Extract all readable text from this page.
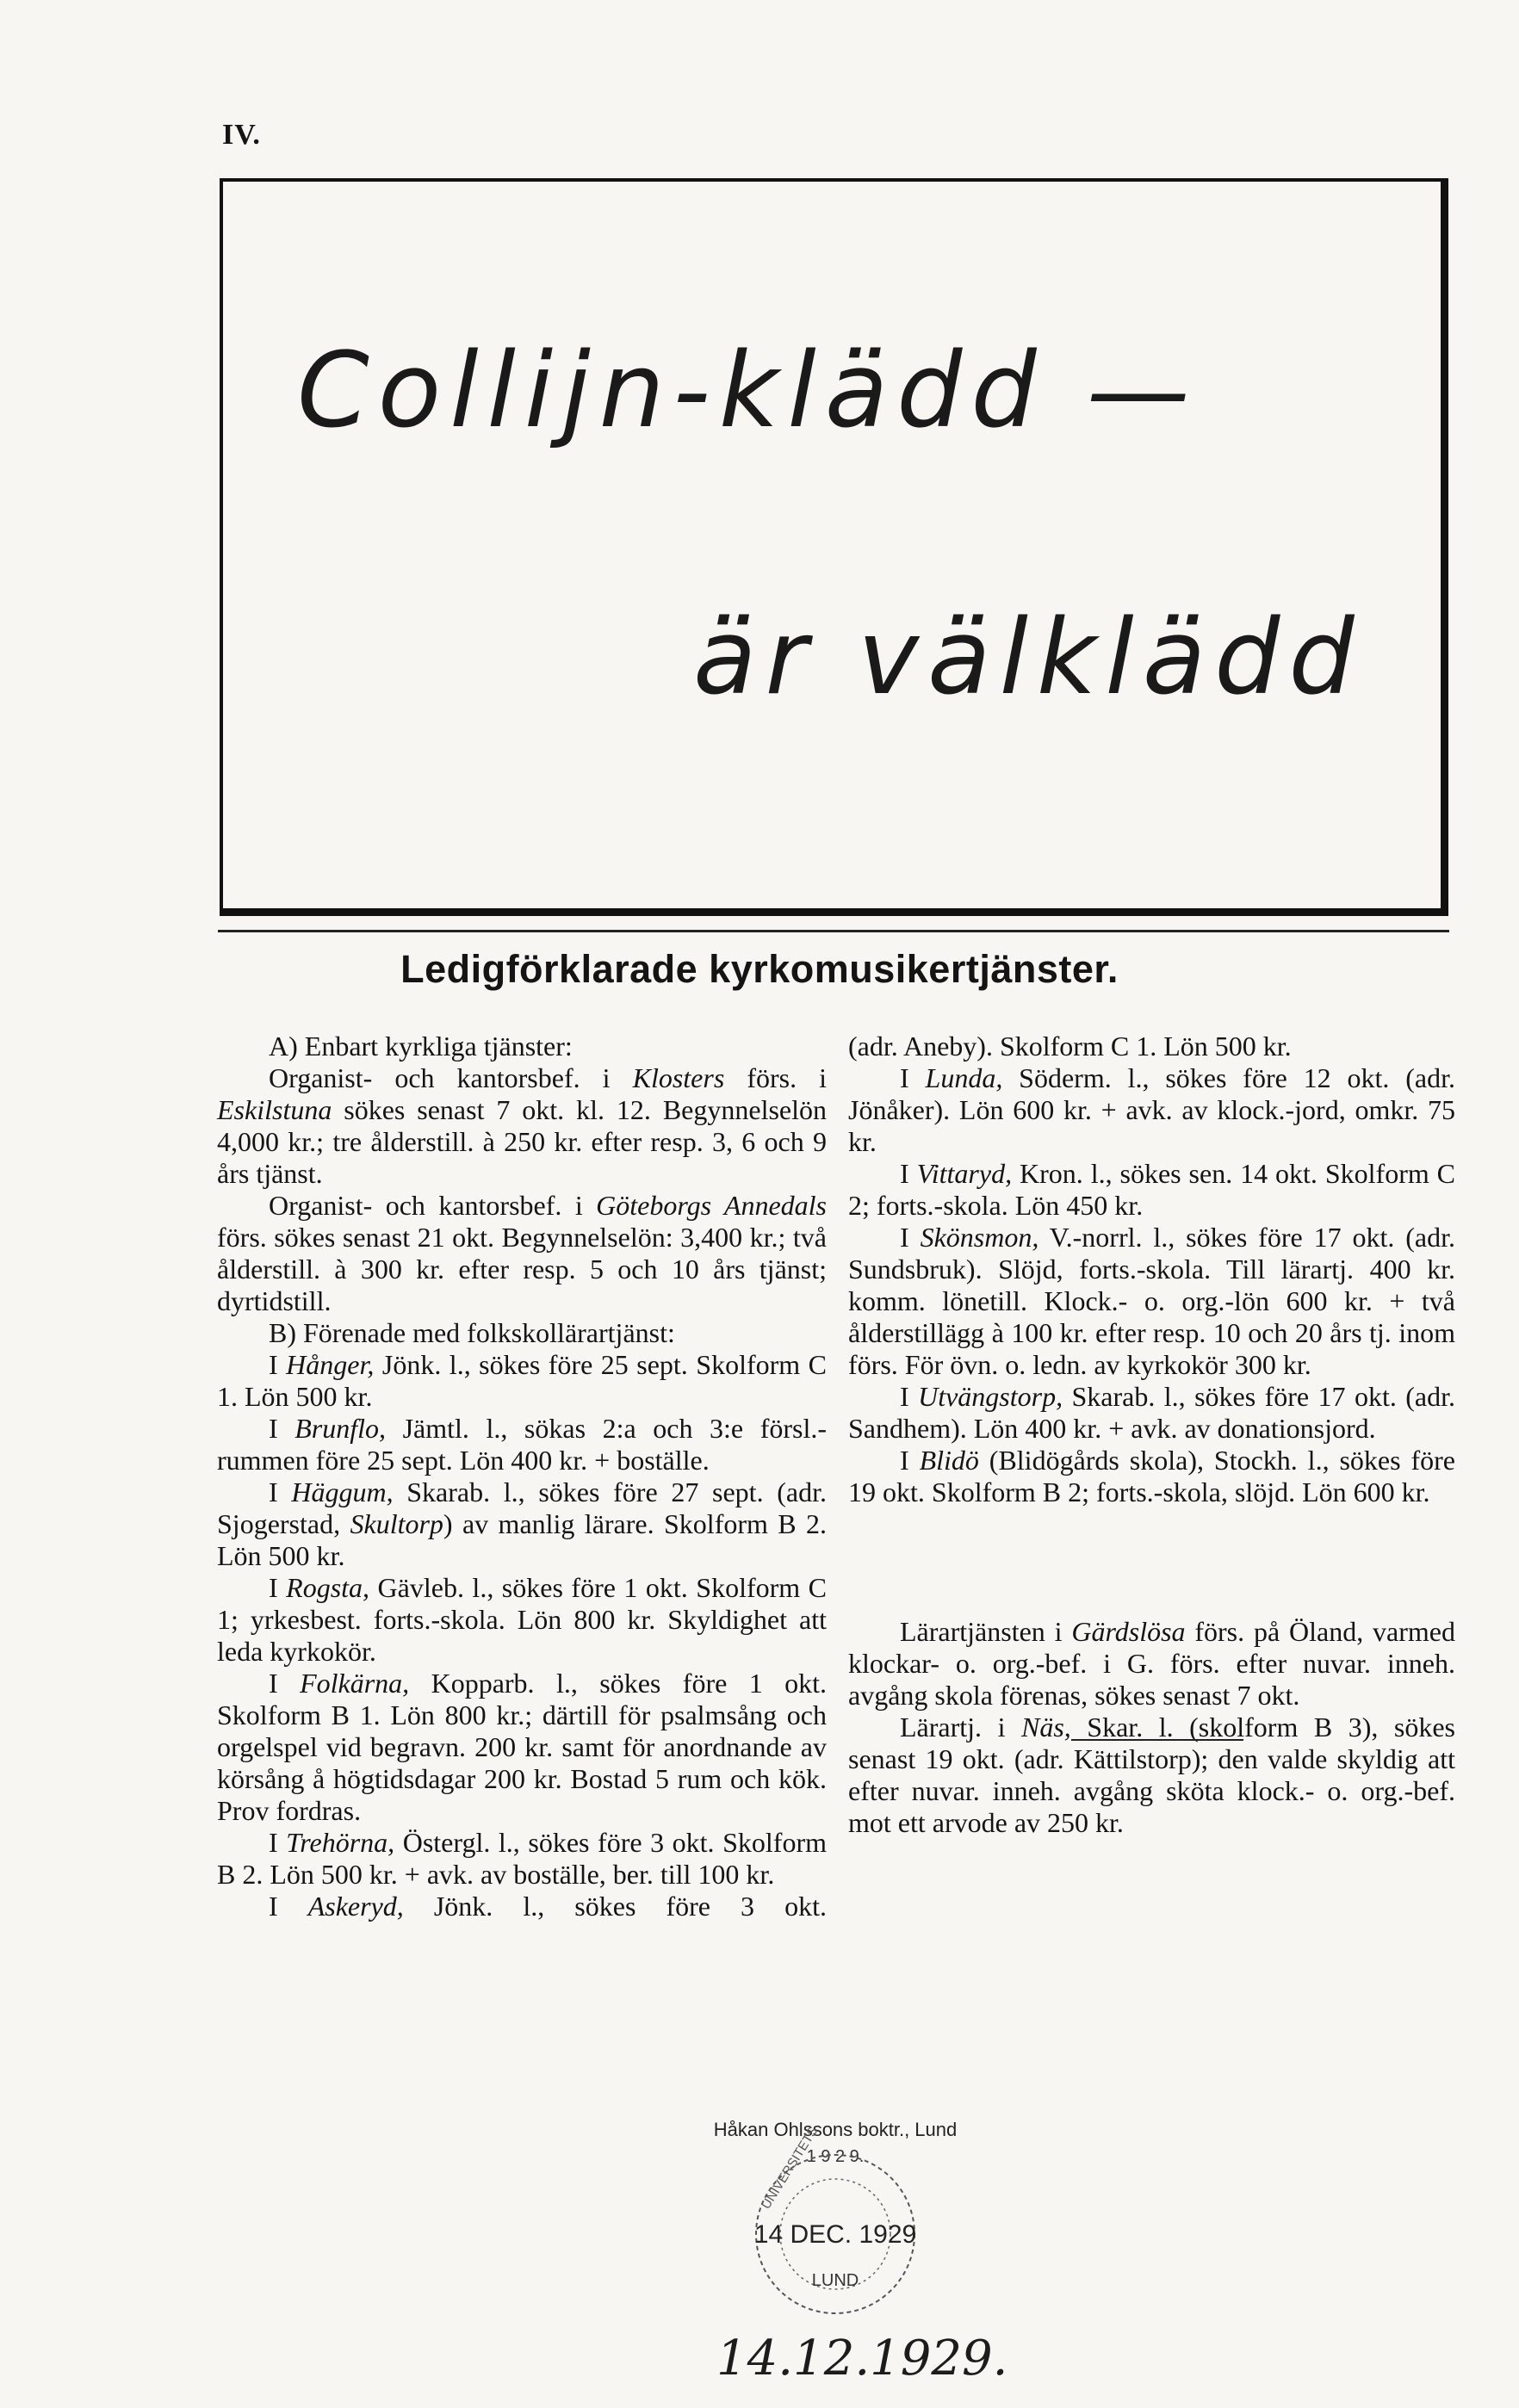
IV.
Collijn-klädd —
är välklädd
Ledigförklarade kyrkomusikertjänster.

A) Enbart kyrkliga tjänster:

Organist- och kantorsbef. i Klosters förs. i Eskilstuna sökes senast 7 okt. kl. 12. Begynnelselön 4,000 kr.; tre ålderstill. à 250 kr. efter resp. 3, 6 och 9 års tjänst.

Organist- och kantorsbef. i Göteborgs Annedals förs. sökes senast 21 okt. Begynnelselön: 3,400 kr.; två ålderstill. à 300 kr. efter resp. 5 och 10 års tjänst; dyrtidstill.

B) Förenade med folkskollärartjänst:

I Hånger, Jönk. l., sökes före 25 sept. Skolform C 1. Lön 500 kr.

I Brunflo, Jämtl. l., sökas 2:a och 3:e försl.-rummen före 25 sept. Lön 400 kr. + boställe.

I Häggum, Skarab. l., sökes före 27 sept. (adr. Sjogerstad, Skultorp) av manlig lärare. Skolform B 2. Lön 500 kr.

I Rogsta, Gävleb. l., sökes före 1 okt. Skolform C 1; yrkesbest. forts.-skola. Lön 800 kr. Skyldighet att leda kyrkokör.

I Folkärna, Kopparb. l., sökes före 1 okt. Skolform B 1. Lön 800 kr.; därtill för psalmsång och orgelspel vid begravn. 200 kr. samt för anordnande av körsång å högtidsdagar 200 kr. Bostad 5 rum och kök. Prov fordras.

I Trehörna, Östergl. l., sökes före 3 okt. Skolform B 2. Lön 500 kr. + avk. av boställe, ber. till 100 kr.

I Askeryd, Jönk. l., sökes före 3 okt.

(adr. Aneby). Skolform C 1. Lön 500 kr.

I Lunda, Söderm. l., sökes före 12 okt. (adr. Jönåker). Lön 600 kr. + avk. av klock.-jord, omkr. 75 kr.

I Vittaryd, Kron. l., sökes sen. 14 okt. Skolform C 2; forts.-skola. Lön 450 kr.

I Skönsmon, V.-norrl. l., sökes före 17 okt. (adr. Sundsbruk). Slöjd, forts.-skola. Till lärartj. 400 kr. komm. lönetill. Klock.- o. org.-lön 600 kr. + två ålderstillägg à 100 kr. efter resp. 10 och 20 års tj. inom förs. För övn. o. ledn. av kyrkokör 300 kr.

I Utvängstorp, Skarab. l., sökes före 17 okt. (adr. Sandhem). Lön 400 kr. + avk. av donationsjord.

I Blidö (Blidögårds skola), Stockh. l., sökes före 19 okt. Skolform B 2; forts.-skola, slöjd. Lön 600 kr.

Lärartjänsten i Gärdslösa förs. på Öland, varmed klockar- o. org.-bef. i G. förs. efter nuvar. inneh. avgång skola förenas, sökes senast 7 okt.

Lärartj. i Näs, Skar. l. (skolform B 3), sökes senast 19 okt. (adr. Kättilstorp); den valde skyldig att efter nuvar. inneh. avgång sköta klock.- o. org.-bef. mot ett arvode av 250 kr.

Håkan Ohlssons boktr., Lund
1 9 2 9.
UNIVERSITETS
14 DEC. 1929
LUND
14.12.1929.
